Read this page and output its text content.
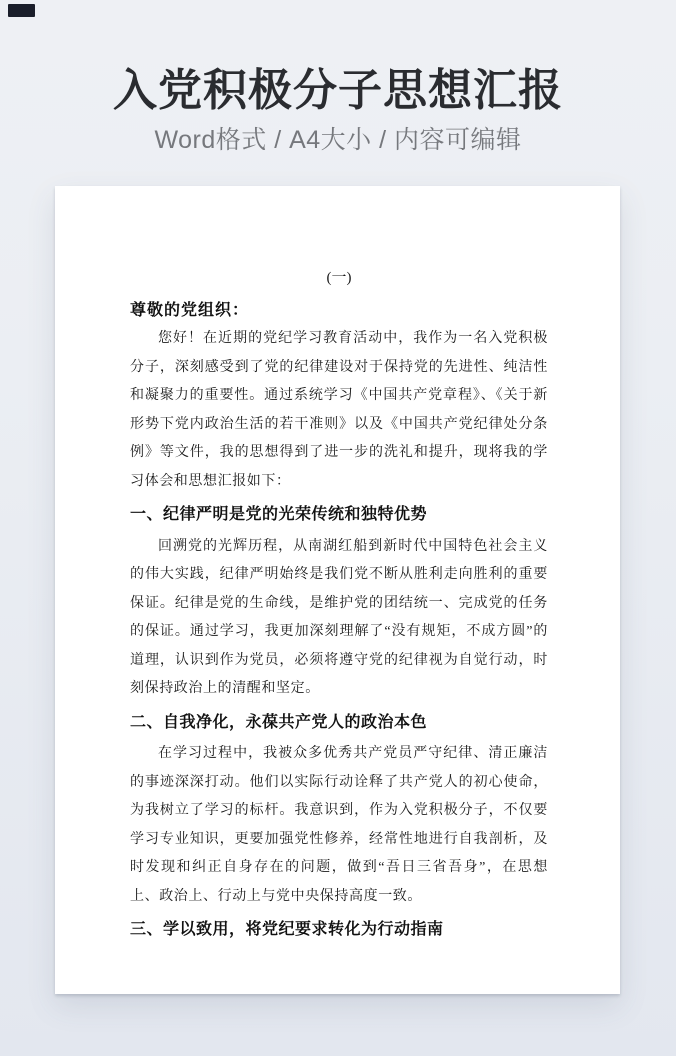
入党积极分子思想汇报
Word格式 / A4大小 / 内容可编辑
(一)
尊敬的党组织：

您好！在近期的党纪学习教育活动中，我作为一名入党积极分子，深刻感受到了党的纪律建设对于保持党的先进性、纯洁性和凝聚力的重要性。通过系统学习《中国共产党章程》、《关于新形势下党内政治生活的若干准则》以及《中国共产党纪律处分条例》等文件，我的思想得到了进一步的洗礼和提升，现将我的学习体会和思想汇报如下：

一、纪律严明是党的光荣传统和独特优势

回溯党的光辉历程，从南湖红船到新时代中国特色社会主义的伟大实践，纪律严明始终是我们党不断从胜利走向胜利的重要保证。纪律是党的生命线，是维护党的团结统一、完成党的任务的保证。通过学习，我更加深刻理解了“没有规矩，不成方圆”的道理，认识到作为党员，必须将遵守党的纪律视为自觉行动，时刻保持政治上的清醒和坚定。

二、自我净化，永葆共产党人的政治本色

在学习过程中，我被众多优秀共产党员严守纪律、清正廉洁的事迹深深打动。他们以实际行动诠释了共产党人的初心使命，为我树立了学习的标杆。我意识到，作为入党积极分子，不仅要学习专业知识，更要加强党性修养，经常性地进行自我剖析，及时发现和纠正自身存在的问题，做到“吾日三省吾身”，在思想上、政治上、行动上与党中央保持高度一致。

三、学以致用，将党纪要求转化为行动指南
